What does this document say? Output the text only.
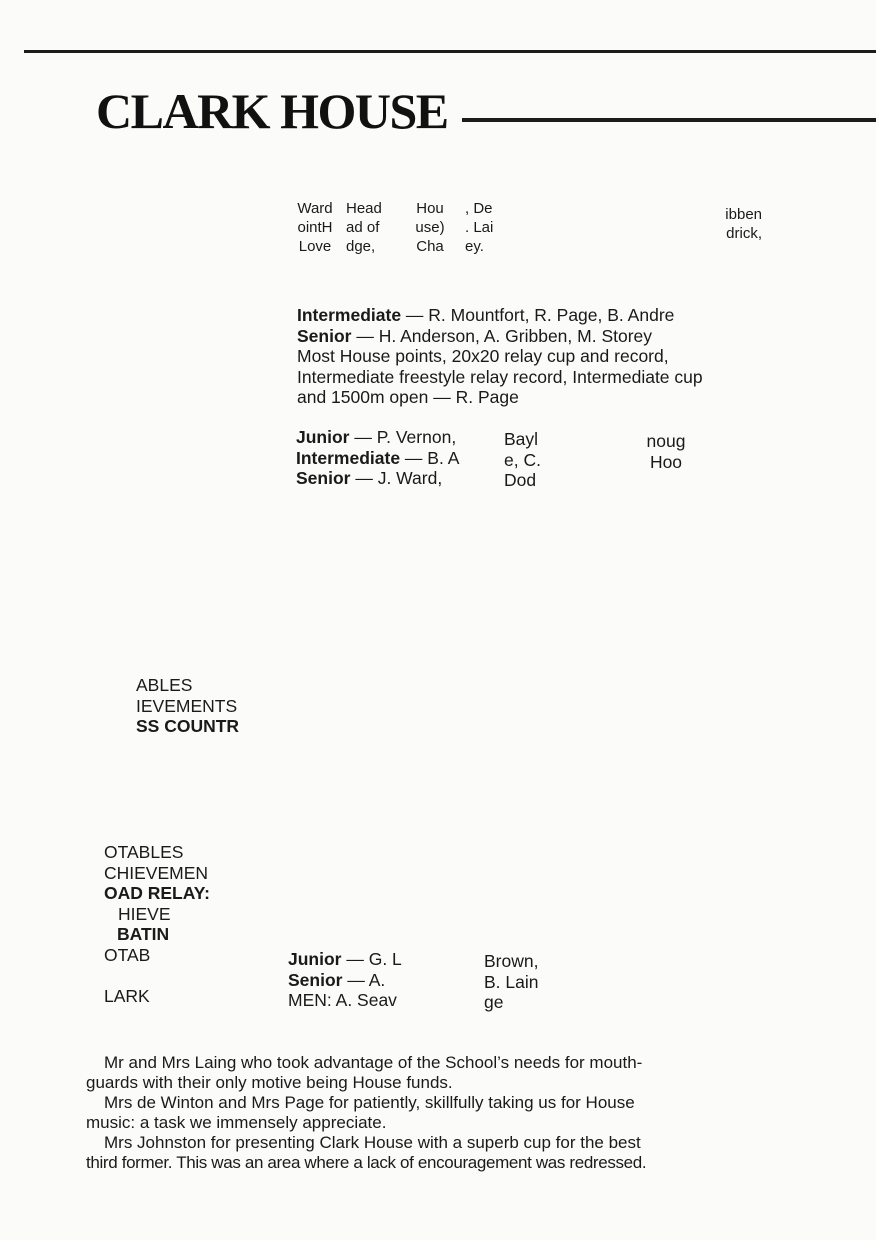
CLARK HOUSE
Ward
ointH
Love
Head
ad of
dge,
Hou
use)
Cha
, De
. Lai
ey.
ibben
drick,
Intermediate — R. Mountfort, R. Page, B. Andre
Senior — H. Anderson, A. Gribben, M. Storey
Most House points, 20x20 relay cup and record,
Intermediate freestyle relay record, Intermediate cup
and 1500m open — R. Page
Junior — P. Vernon,
Intermediate — B. A
Senior — J. Ward,
Bayl
e, C.
Dod
noug
Hoo
ABLES
IEVEMENTS
SS COUNTR
OTABLES
CHIEVEMEN
OAD RELAY:
HIEVE
BATIN
OTAB
LARK
Junior — G. L
Senior — A.
MEN: A. Seav
Brown,
B. Lain
ge
Mr and Mrs Laing who took advantage of the School’s needs for mouth-
guards with their only motive being House funds.
Mrs de Winton and Mrs Page for patiently, skillfully taking us for House
music: a task we immensely appreciate.
Mrs Johnston for presenting Clark House with a superb cup for the best
third former. This was an area where a lack of encouragement was redressed.
